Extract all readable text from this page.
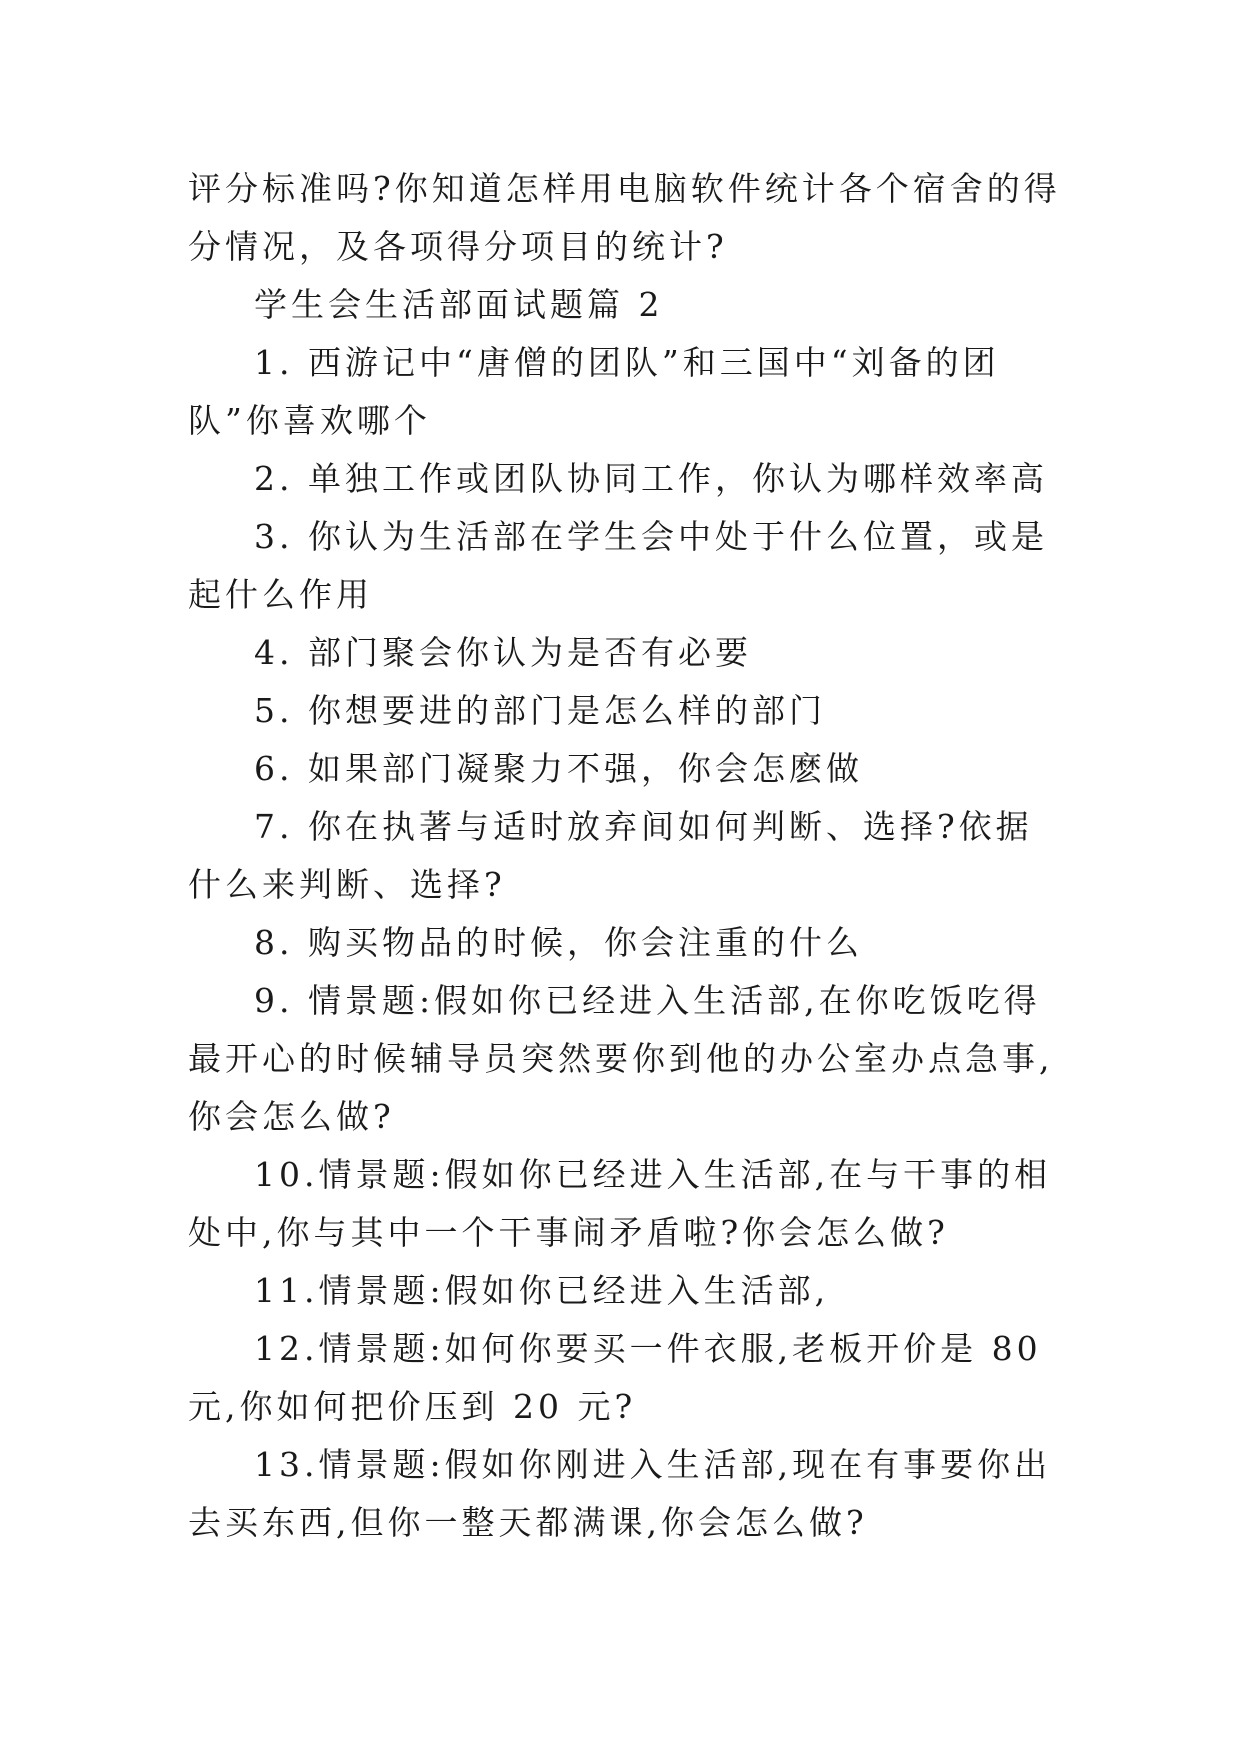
评分标准吗?你知道怎样用电脑软件统计各个宿舍的得分情况，及各项得分项目的统计?

学生会生活部面试题篇 2

1. 西游记中“唐僧的团队”和三国中“刘备的团队”你喜欢哪个

2. 单独工作或团队协同工作，你认为哪样效率高

3. 你认为生活部在学生会中处于什么位置，或是起什么作用

4. 部门聚会你认为是否有必要

5. 你想要进的部门是怎么样的部门

6. 如果部门凝聚力不强，你会怎麽做

7. 你在执著与适时放弃间如何判断、选择?依据什么来判断、选择?

8. 购买物品的时候，你会注重的什么

9. 情景题:假如你已经进入生活部,在你吃饭吃得最开心的时候辅导员突然要你到他的办公室办点急事,你会怎么做?

10.情景题:假如你已经进入生活部,在与干事的相处中,你与其中一个干事闹矛盾啦?你会怎么做?

11.情景题:假如你已经进入生活部,

12.情景题:如何你要买一件衣服,老板开价是 80 元,你如何把价压到 20 元?

13.情景题:假如你刚进入生活部,现在有事要你出去买东西,但你一整天都满课,你会怎么做?
